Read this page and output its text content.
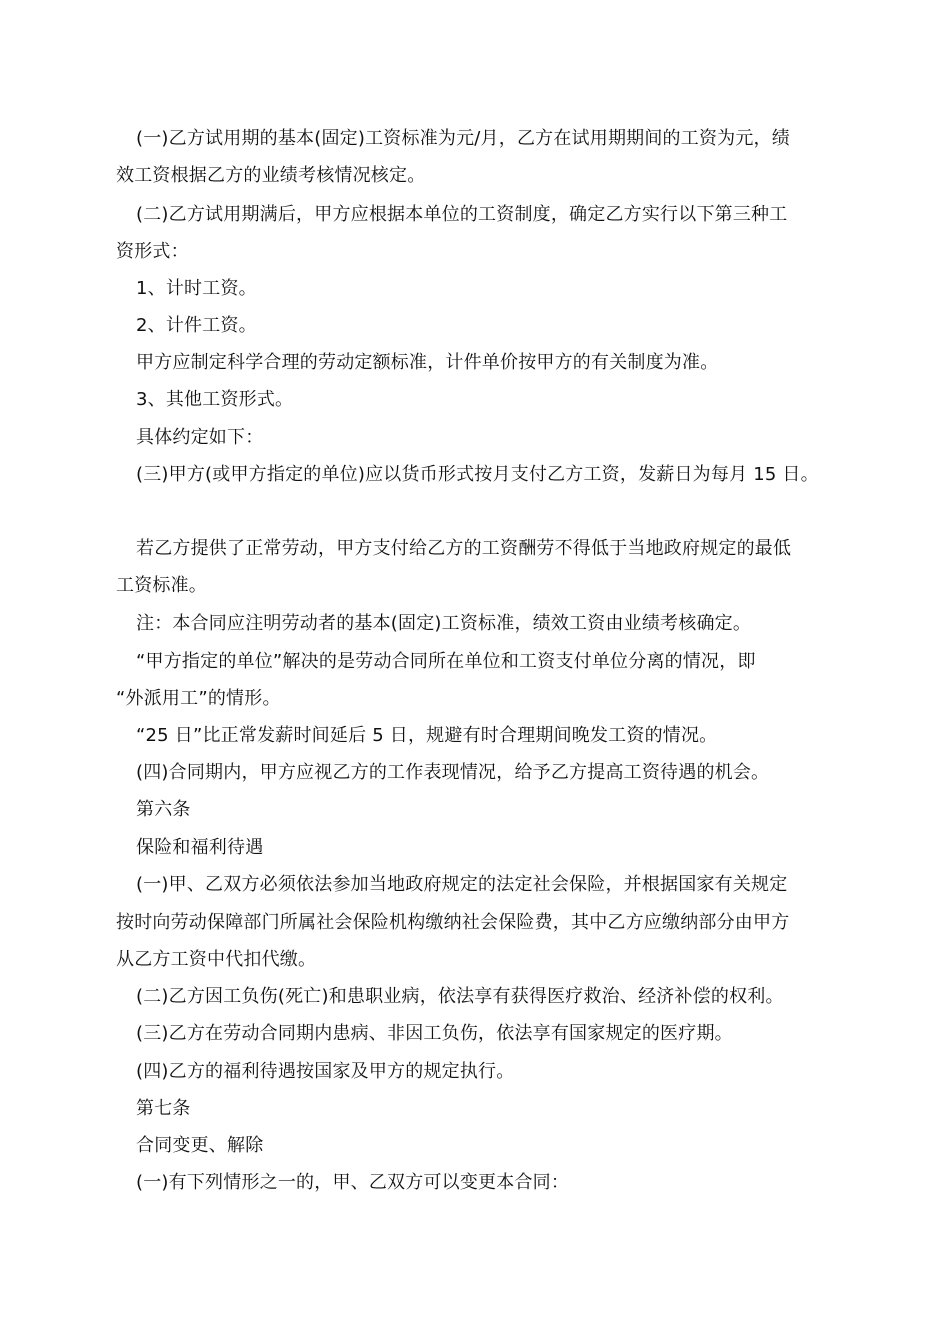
(一)乙方试用期的基本(固定)工资标准为元/月，乙方在试用期期间的工资为元，绩
效工资根据乙方的业绩考核情况核定。
(二)乙方试用期满后，甲方应根据本单位的工资制度，确定乙方实行以下第三种工
资形式：
1、计时工资。
2、计件工资。
甲方应制定科学合理的劳动定额标准，计件单价按甲方的有关制度为准。
3、其他工资形式。
具体约定如下：
(三)甲方(或甲方指定的单位)应以货币形式按月支付乙方工资，发薪日为每月 15 日。
若乙方提供了正常劳动，甲方支付给乙方的工资酬劳不得低于当地政府规定的最低
工资标准。
注：本合同应注明劳动者的基本(固定)工资标准，绩效工资由业绩考核确定。
“甲方指定的单位”解决的是劳动合同所在单位和工资支付单位分离的情况，即
“外派用工”的情形。
“25 日”比正常发薪时间延后 5 日，规避有时合理期间晚发工资的情况。
(四)合同期内，甲方应视乙方的工作表现情况，给予乙方提高工资待遇的机会。
第六条
保险和福利待遇
(一)甲、乙双方必须依法参加当地政府规定的法定社会保险，并根据国家有关规定
按时向劳动保障部门所属社会保险机构缴纳社会保险费，其中乙方应缴纳部分由甲方
从乙方工资中代扣代缴。
(二)乙方因工负伤(死亡)和患职业病，依法享有获得医疗救治、经济补偿的权利。
(三)乙方在劳动合同期内患病、非因工负伤，依法享有国家规定的医疗期。
(四)乙方的福利待遇按国家及甲方的规定执行。
第七条
合同变更、解除
(一)有下列情形之一的，甲、乙双方可以变更本合同：
